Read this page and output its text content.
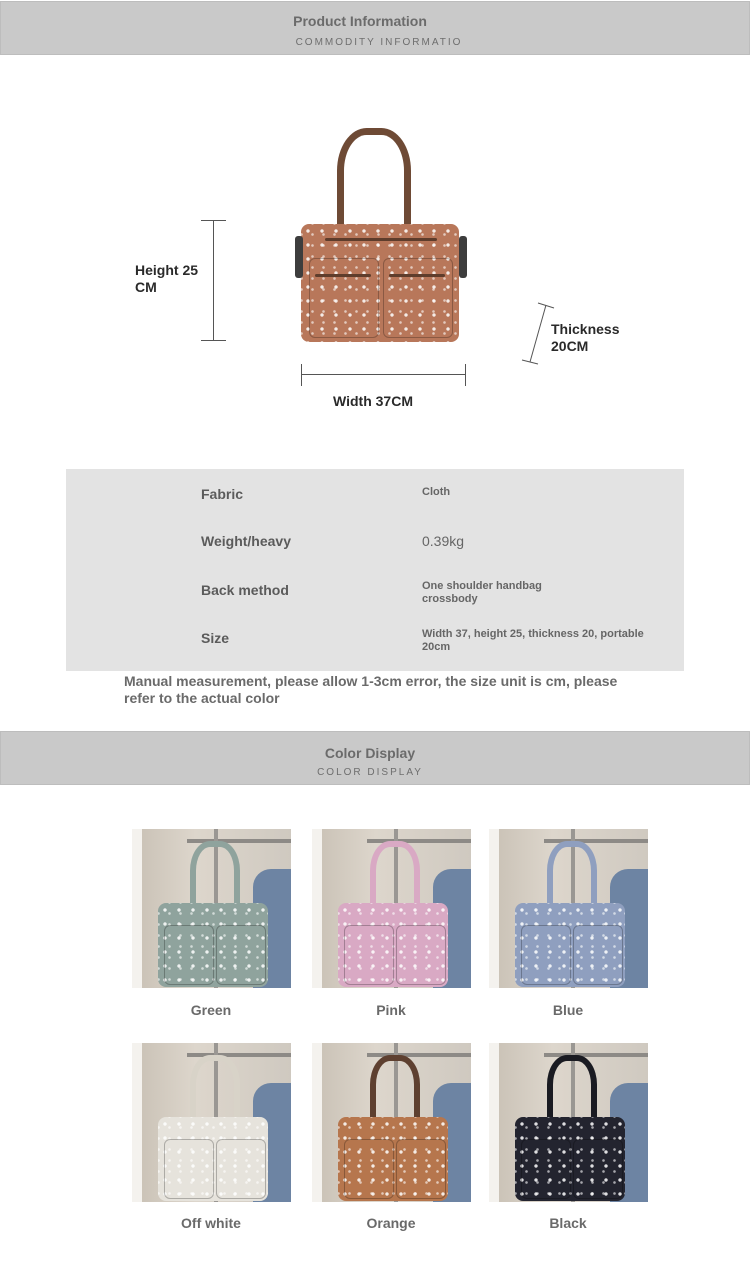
Product Information
COMMODITY INFORMATIO
Height 25
CM
Thickness
20CM
Width 37CM
Fabric	Cloth
Weight/heavy	0.39kg
Back method	One shoulder handbag
crossbody
Size	Width 37, height 25, thickness 20, portable
20cm
Manual measurement, please allow 1-3cm error, the size unit is cm, please refer to the actual color
Color Display
COLOR DISPLAY
Green	Pink	Blue
Off white	Orange	Black
